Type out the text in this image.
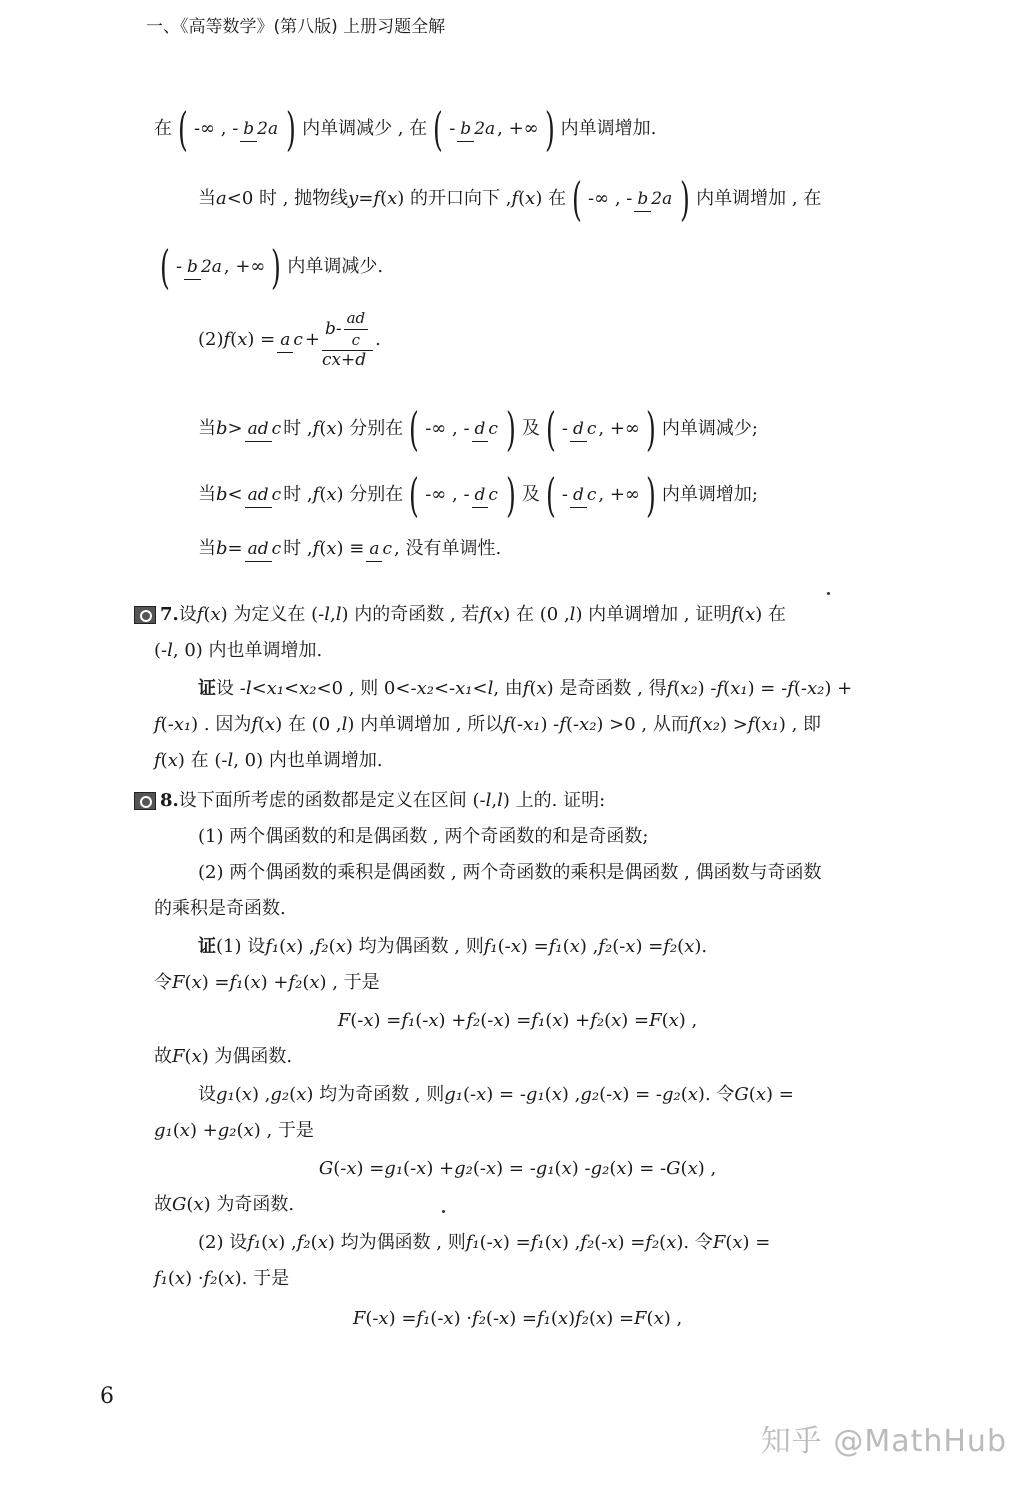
一、《高等数学》(第八版) 上册习题全解
在 ( -∞ , - b 2a ) 内单调减少 , 在 ( - b 2a , +∞ ) 内单调增加.
当 a <0 时 , 抛物线 y = f ( x ) 的开口向下 , f ( x ) 在 ( -∞ , - b 2a ) 内单调增加 , 在
( - b 2a , +∞ ) 内单调减少.
(2) f ( x ) = a c +
b-
ad
c
cx+d
.
当 b > ad c 时 , f ( x ) 分别在 ( -∞ , - d c ) 及 ( - d c , +∞ ) 内单调减少;
当 b < ad c 时 , f ( x ) 分别在 ( -∞ , - d c ) 及 ( - d c , +∞ ) 内单调增加;
当 b = ad c 时 , f ( x ) ≡ a c , 没有单调性.
7. 设 f ( x ) 为定义在 (- l , l ) 内的奇函数 , 若 f ( x ) 在 (0 , l ) 内单调增加 , 证明 f ( x ) 在
(- l , 0) 内也单调增加.
证 设 - l < x₁ < x₂ <0 , 则 0<- x₂ <- x₁ < l , 由 f ( x ) 是奇函数 , 得 f ( x₂ ) - f ( x₁ ) = - f (- x₂ ) +
f (- x₁ ) . 因为 f ( x ) 在 (0 , l ) 内单调增加 , 所以 f (- x₁ ) - f (- x₂ ) >0 , 从而 f ( x₂ ) > f ( x₁ ) , 即
f ( x ) 在 (- l , 0) 内也单调增加.
8. 设下面所考虑的函数都是定义在区间 (- l , l ) 上的. 证明:
(1) 两个偶函数的和是偶函数 , 两个奇函数的和是奇函数;
(2) 两个偶函数的乘积是偶函数 , 两个奇函数的乘积是偶函数 , 偶函数与奇函数
的乘积是奇函数.
证 (1) 设 f₁ ( x ) , f₂ ( x ) 均为偶函数 , 则 f₁ (- x ) = f₁ ( x ) , f₂ (- x ) = f₂ ( x ).
令 F ( x ) = f₁ ( x ) + f₂ ( x ) , 于是
F (- x ) = f₁ (- x ) + f₂ (- x ) = f₁ ( x ) + f₂ ( x ) = F ( x ) ,
故 F ( x ) 为偶函数.
设 g₁ ( x ) , g₂ ( x ) 均为奇函数 , 则 g₁ (- x ) = - g₁ ( x ) , g₂ (- x ) = - g₂ ( x ). 令 G ( x ) =
g₁ ( x ) + g₂ ( x ) , 于是
G (- x ) = g₁ (- x ) + g₂ (- x ) = - g₁ ( x ) - g₂ ( x ) = - G ( x ) ,
故 G ( x ) 为奇函数.
(2) 设 f₁ ( x ) , f₂ ( x ) 均为偶函数 , 则 f₁ (- x ) = f₁ ( x ) , f₂ (- x ) = f₂ ( x ). 令 F ( x ) =
f₁ ( x ) · f₂ ( x ). 于是
F (- x ) = f₁ (- x ) · f₂ (- x ) = f₁ ( x ) f₂ ( x ) = F ( x ) ,
6
知乎 @MathHub
